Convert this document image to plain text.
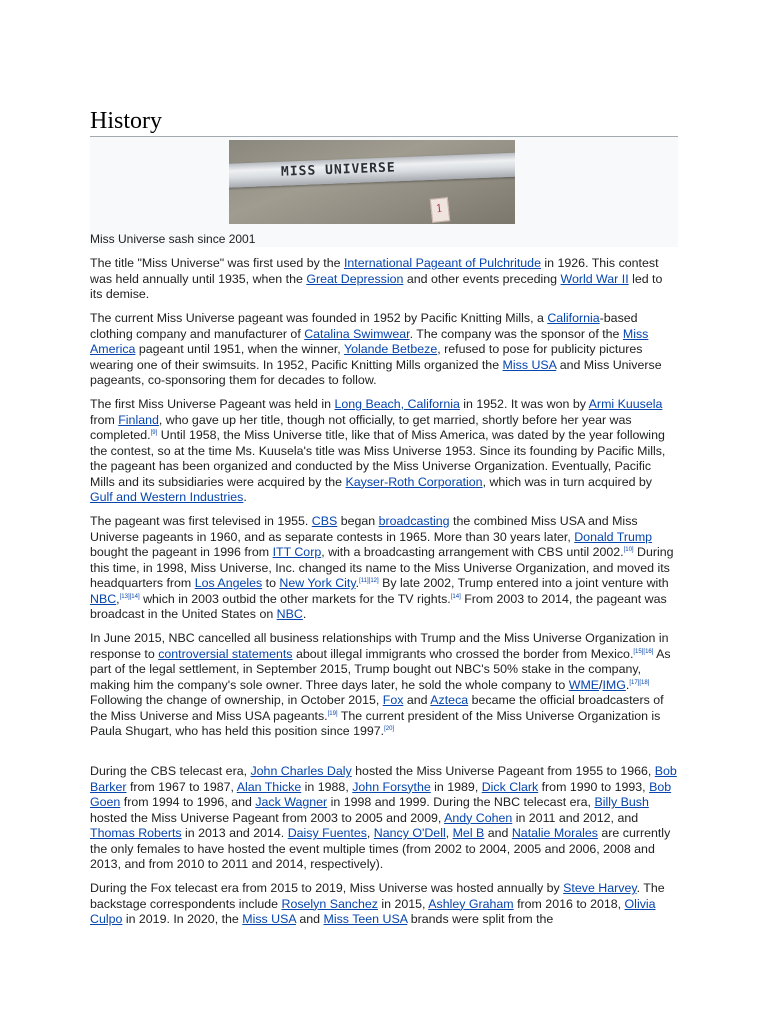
History
MISS UNIVERSE
1
Miss Universe sash since 2001

The title "Miss Universe" was first used by the International Pageant of Pulchritude in 1926. This contest was held annually until 1935, when the Great Depression and other events preceding World War II led to its demise.

The current Miss Universe pageant was founded in 1952 by Pacific Knitting Mills, a California-based clothing company and manufacturer of Catalina Swimwear. The company was the sponsor of the Miss America pageant until 1951, when the winner, Yolande Betbeze, refused to pose for publicity pictures wearing one of their swimsuits. In 1952, Pacific Knitting Mills organized the Miss USA and Miss Universe pageants, co-sponsoring them for decades to follow.

The first Miss Universe Pageant was held in Long Beach, California in 1952. It was won by Armi Kuusela from Finland, who gave up her title, though not officially, to get married, shortly before her year was completed.[9] Until 1958, the Miss Universe title, like that of Miss America, was dated by the year following the contest, so at the time Ms. Kuusela's title was Miss Universe 1953. Since its founding by Pacific Mills, the pageant has been organized and conducted by the Miss Universe Organization. Eventually, Pacific Mills and its subsidiaries were acquired by the Kayser-Roth Corporation, which was in turn acquired by Gulf and Western Industries.

The pageant was first televised in 1955. CBS began broadcasting the combined Miss USA and Miss Universe pageants in 1960, and as separate contests in 1965. More than 30 years later, Donald Trump bought the pageant in 1996 from ITT Corp, with a broadcasting arrangement with CBS until 2002.[10] During this time, in 1998, Miss Universe, Inc. changed its name to the Miss Universe Organization, and moved its headquarters from Los Angeles to New York City.[11][12] By late 2002, Trump entered into a joint venture with NBC,[13][14] which in 2003 outbid the other markets for the TV rights.[14] From 2003 to 2014, the pageant was broadcast in the United States on NBC.

In June 2015, NBC cancelled all business relationships with Trump and the Miss Universe Organization in response to controversial statements about illegal immigrants who crossed the border from Mexico.[15][16] As part of the legal settlement, in September 2015, Trump bought out NBC's 50% stake in the company, making him the company's sole owner. Three days later, he sold the whole company to WME/IMG.[17][18] Following the change of ownership, in October 2015, Fox and Azteca became the official broadcasters of the Miss Universe and Miss USA pageants.[19] The current president of the Miss Universe Organization is Paula Shugart, who has held this position since 1997.[20]

During the CBS telecast era, John Charles Daly hosted the Miss Universe Pageant from 1955 to 1966, Bob Barker from 1967 to 1987, Alan Thicke in 1988, John Forsythe in 1989, Dick Clark from 1990 to 1993, Bob Goen from 1994 to 1996, and Jack Wagner in 1998 and 1999. During the NBC telecast era, Billy Bush hosted the Miss Universe Pageant from 2003 to 2005 and 2009, Andy Cohen in 2011 and 2012, and Thomas Roberts in 2013 and 2014. Daisy Fuentes, Nancy O'Dell, Mel B and Natalie Morales are currently the only females to have hosted the event multiple times (from 2002 to 2004, 2005 and 2006, 2008 and 2013, and from 2010 to 2011 and 2014, respectively).

During the Fox telecast era from 2015 to 2019, Miss Universe was hosted annually by Steve Harvey. The backstage correspondents include Roselyn Sanchez in 2015, Ashley Graham from 2016 to 2018, Olivia Culpo in 2019. In 2020, the Miss USA and Miss Teen USA brands were split from the
